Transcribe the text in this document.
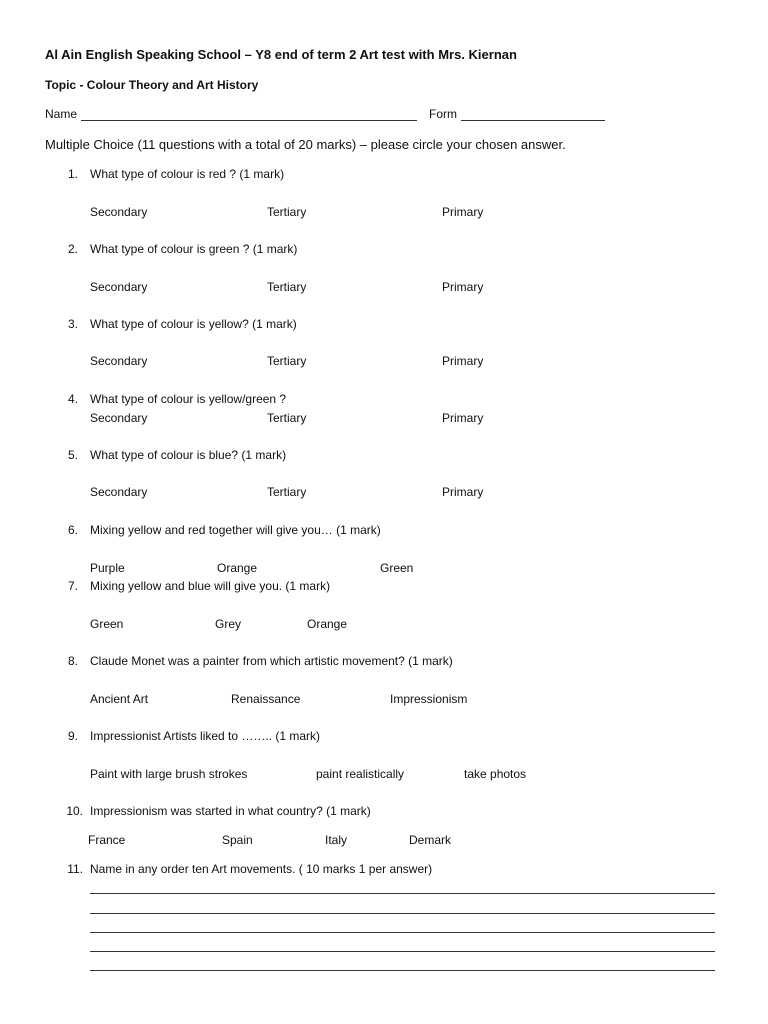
Al Ain English Speaking School – Y8 end of term 2 Art test with Mrs. Kiernan
Topic - Colour Theory and Art History
Name	Form
Multiple Choice (11 questions with a total of 20 marks) – please circle your chosen answer.
1. What type of colour is red ? (1 mark)
Secondary	Tertiary	Primary
2. What type of colour is green ? (1 mark)
Secondary	Tertiary	Primary
3. What type of colour is yellow? (1 mark)
Secondary	Tertiary	Primary
4. What type of colour is yellow/green ?
Secondary	Tertiary	Primary
5. What type of colour is blue? (1 mark)
Secondary	Tertiary	Primary
6. Mixing yellow and red together will give you… (1 mark)
Purple	Orange	Green
7. Mixing yellow and blue will give you. (1 mark)
Green	Grey	Orange
8. Claude Monet was a painter from which artistic movement? (1 mark)
Ancient Art	Renaissance	Impressionism
9. Impressionist Artists liked to …….. (1 mark)
Paint with large brush strokes	paint realistically	take photos
10. Impressionism was started in what country? (1 mark)
France	Spain	Italy	Demark
11. Name in any order ten Art movements. ( 10 marks 1 per answer)
